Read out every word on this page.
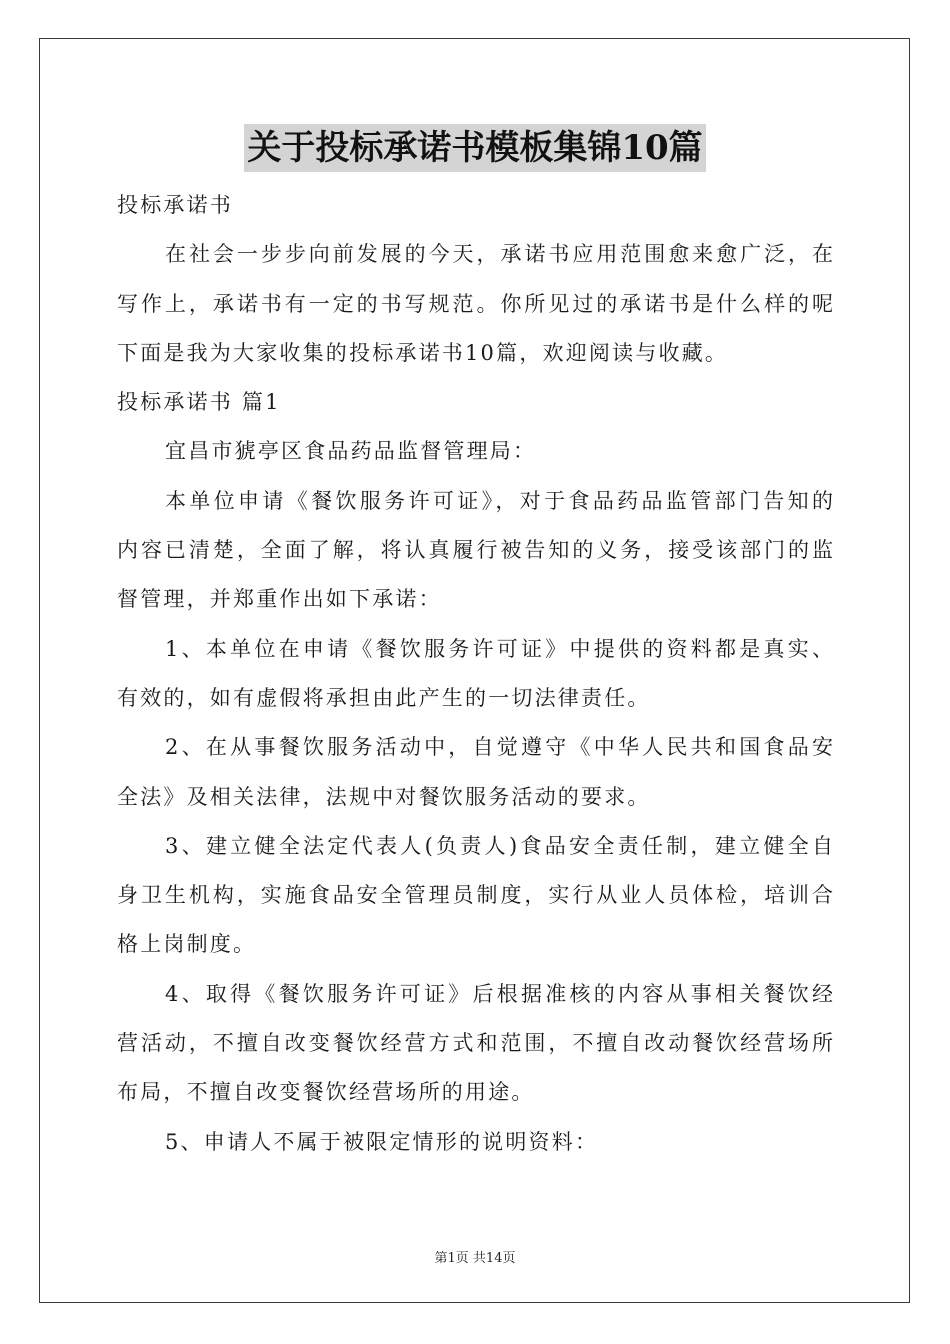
关于投标承诺书模板集锦10篇
投标承诺书
在社会一步步向前发展的今天，承诺书应用范围愈来愈广泛，在
写作上，承诺书有一定的书写规范。你所见过的承诺书是什么样的呢
下面是我为大家收集的投标承诺书10篇，欢迎阅读与收藏。
投标承诺书 篇1
宜昌市猇亭区食品药品监督管理局：
本单位申请《餐饮服务许可证》，对于食品药品监管部门告知的
内容已清楚，全面了解，将认真履行被告知的义务，接受该部门的监
督管理，并郑重作出如下承诺：
1、本单位在申请《餐饮服务许可证》中提供的资料都是真实、
有效的，如有虚假将承担由此产生的一切法律责任。
2、在从事餐饮服务活动中，自觉遵守《中华人民共和国食品安
全法》及相关法律，法规中对餐饮服务活动的要求。
3、建立健全法定代表人(负责人)食品安全责任制，建立健全自
身卫生机构，实施食品安全管理员制度，实行从业人员体检，培训合
格上岗制度。
4、取得《餐饮服务许可证》后根据准核的内容从事相关餐饮经
营活动，不擅自改变餐饮经营方式和范围，不擅自改动餐饮经营场所
布局，不擅自改变餐饮经营场所的用途。
5、申请人不属于被限定情形的说明资料：
第1页 共14页
